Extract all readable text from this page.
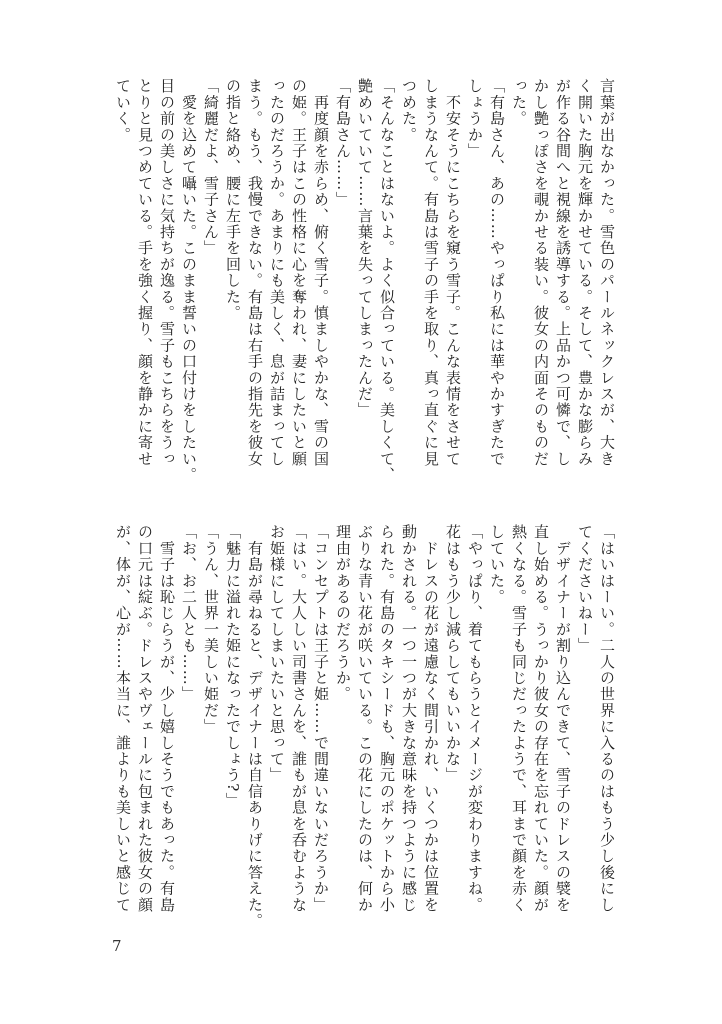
言葉が出なかった。雪色のパールネックレスが、大き
く開いた胸元を輝かせている。そして、豊かな膨らみ
が作る谷間へと視線を誘導する。上品かつ可憐で、し
かし艶っぽさを覗かせる装い。彼女の内面そのものだ
った。
「有島さん、あの……やっぱり私には華やかすぎたで
しょうか」
　不安そうにこちらを窺う雪子。こんな表情をさせて
しまうなんて。有島は雪子の手を取り、真っ直ぐに見
つめた。
「そんなことはないよ。よく似合っている。美しくて、
艶めいていて……言葉を失ってしまったんだ」
「有島さん……」
　再度顔を赤らめ、俯く雪子。慎ましやかな、雪の国
の姫。王子はこの性格に心を奪われ、妻にしたいと願
ったのだろうか。あまりにも美しく、息が詰まってし
まう。もう、我慢できない。有島は右手の指先を彼女
の指と絡め、腰に左手を回した。
「綺麗だよ、雪子さん」
　愛を込めて囁いた。このまま誓いの口付けをしたい。
目の前の美しさに気持ちが逸る。雪子もこちらをうっ
とりと見つめている。手を強く握り、顔を静かに寄せ
ていく。
「はいはーい。二人の世界に入るのはもう少し後にし
てくださいねー」
　デザイナーが割り込んできて、雪子のドレスの襞を
直し始める。うっかり彼女の存在を忘れていた。顔が
熱くなる。雪子も同じだったようで、耳まで顔を赤く
していた。
「やっぱり、着てもらうとイメージが変わりますね。
花はもう少し減らしてもいいかな」
　ドレスの花が遠慮なく間引かれ、いくつかは位置を
動かされる。一つ一つが大きな意味を持つように感じ
られた。有島のタキシードも、胸元のポケットから小
ぶりな青い花が咲いている。この花にしたのは、何か
理由があるのだろうか。
「コンセプトは王子と姫……で間違いないだろうか」
「はい。大人しい司書さんを、誰もが息を呑むような
お姫様にしてしまいたいと思って」
　有島が尋ねると、デザイナーは自信ありげに答えた。
「魅力に溢れた姫になったでしょう?」
「うん、世界一美しい姫だ」
「お、お二人とも……」
　雪子は恥じらうが、少し嬉しそうでもあった。有島
の口元は綻ぶ。ドレスやヴェールに包まれた彼女の顔
が、体が、心が……本当に、誰よりも美しいと感じて
7
